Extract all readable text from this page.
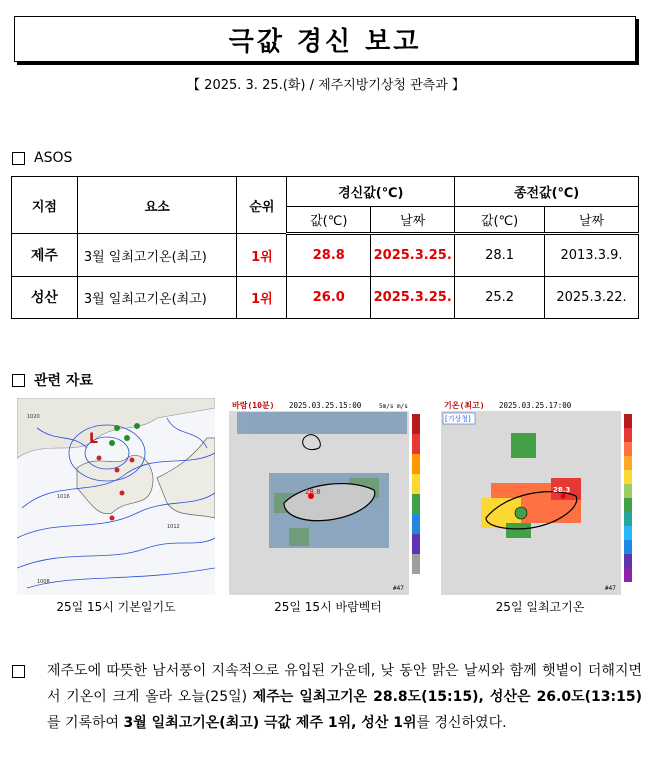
극값 경신 보고
【 2025. 3. 25.(화) / 제주지방기상청 관측과 】
ASOS
지점	요소	순위	경신값(℃)		종전값(℃)	
			값(℃)	날짜	값(℃)	날짜
제주	3월 일최고기온(최고)	1위	28.8	2025.3.25.	28.1	2013.3.9.
성산	3월 일최고기온(최고)	1위	26.0	2025.3.25.	25.2	2025.3.22.
관련 자료
L
1020
1016
1012
1008
25일 15시 기본일기도
28.8
바람(10분) 2025.03.25.15:00	5m/s m/s
#47
25일 15시 바람벡터
28.3
기온(최고) 2025.03.25.17:00
[기상청]
#47
25일 일최고기온
제주도에 따뜻한 남서풍이 지속적으로 유입된 가운데, 낮 동안 맑은 날씨와 함께 햇볕이 더해지면서 기온이 크게 올라 오늘(25일) 제주는 일최고기온 28.8도(15:15), 성산은 26.0도(13:15)를 기록하여 3월 일최고기온(최고) 극값 제주 1위, 성산 1위를 경신하였다.
